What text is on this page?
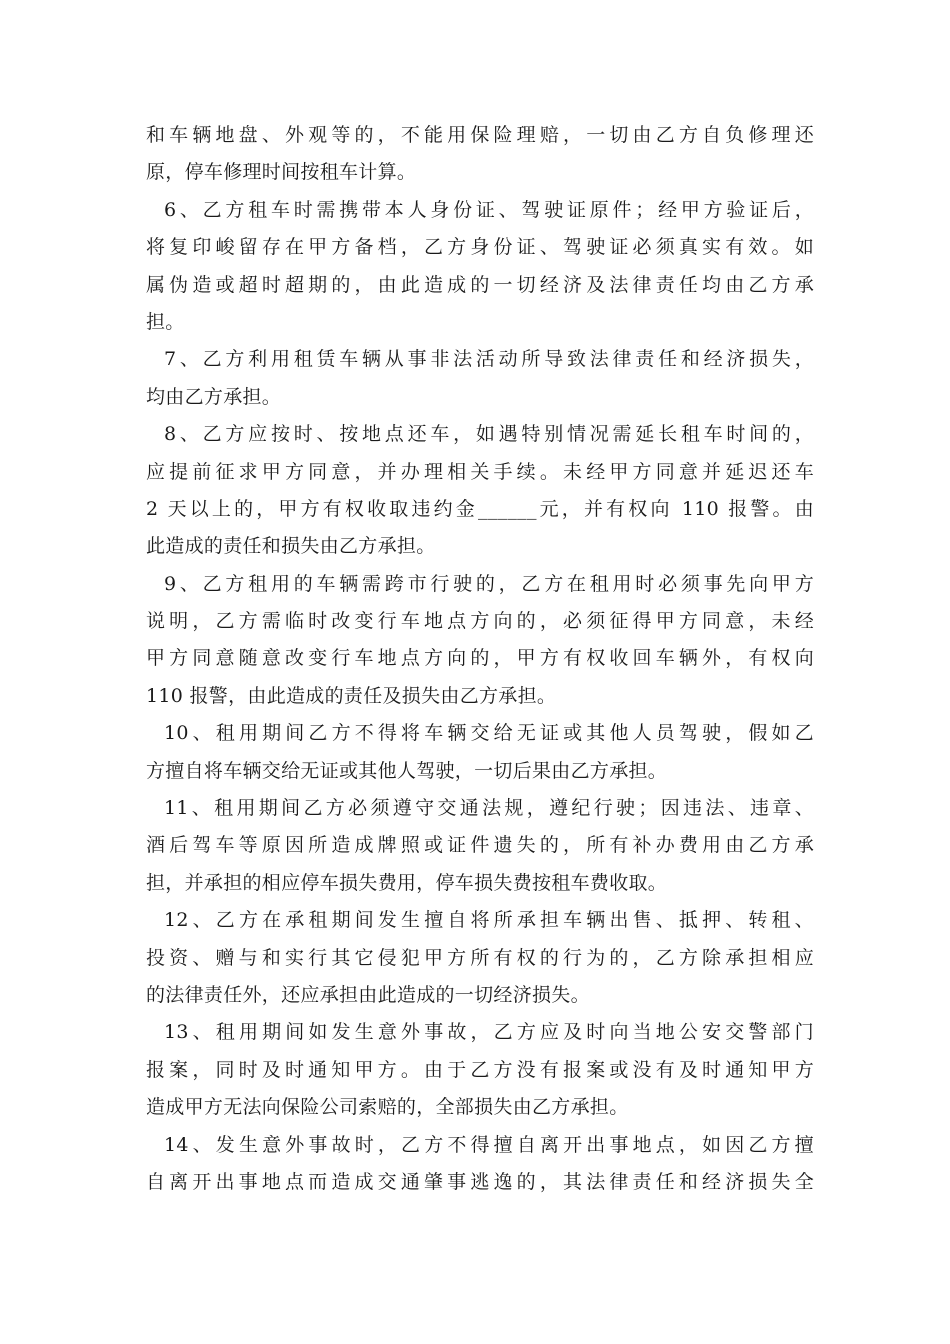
和车辆地盘、外观等的，不能用保险理赔，一切由乙方自负修理还
原，停车修理时间按租车计算。
6、乙方租车时需携带本人身份证、驾驶证原件；经甲方验证后，
将复印峻留存在甲方备档，乙方身份证、驾驶证必须真实有效。如
属伪造或超时超期的，由此造成的一切经济及法律责任均由乙方承
担。
7、乙方利用租赁车辆从事非法活动所导致法律责任和经济损失，
均由乙方承担。
8、乙方应按时、按地点还车，如遇特别情况需延长租车时间的，
应提前征求甲方同意，并办理相关手续。未经甲方同意并延迟还车
2 天以上的，甲方有权收取违约金______元，并有权向 110 报警。由
此造成的责任和损失由乙方承担。
9、乙方租用的车辆需跨市行驶的，乙方在租用时必须事先向甲方
说明，乙方需临时改变行车地点方向的，必须征得甲方同意，未经
甲方同意随意改变行车地点方向的，甲方有权收回车辆外，有权向
110 报警，由此造成的责任及损失由乙方承担。
10、租用期间乙方不得将车辆交给无证或其他人员驾驶，假如乙
方擅自将车辆交给无证或其他人驾驶，一切后果由乙方承担。
11、租用期间乙方必须遵守交通法规，遵纪行驶；因违法、违章、
酒后驾车等原因所造成牌照或证件遗失的，所有补办费用由乙方承
担，并承担的相应停车损失费用，停车损失费按租车费收取。
12、乙方在承租期间发生擅自将所承担车辆出售、抵押、转租、
投资、赠与和实行其它侵犯甲方所有权的行为的，乙方除承担相应
的法律责任外，还应承担由此造成的一切经济损失。
13、租用期间如发生意外事故，乙方应及时向当地公安交警部门
报案，同时及时通知甲方。由于乙方没有报案或没有及时通知甲方
造成甲方无法向保险公司索赔的，全部损失由乙方承担。
14、发生意外事故时，乙方不得擅自离开出事地点，如因乙方擅
自离开出事地点而造成交通肇事逃逸的，其法律责任和经济损失全
